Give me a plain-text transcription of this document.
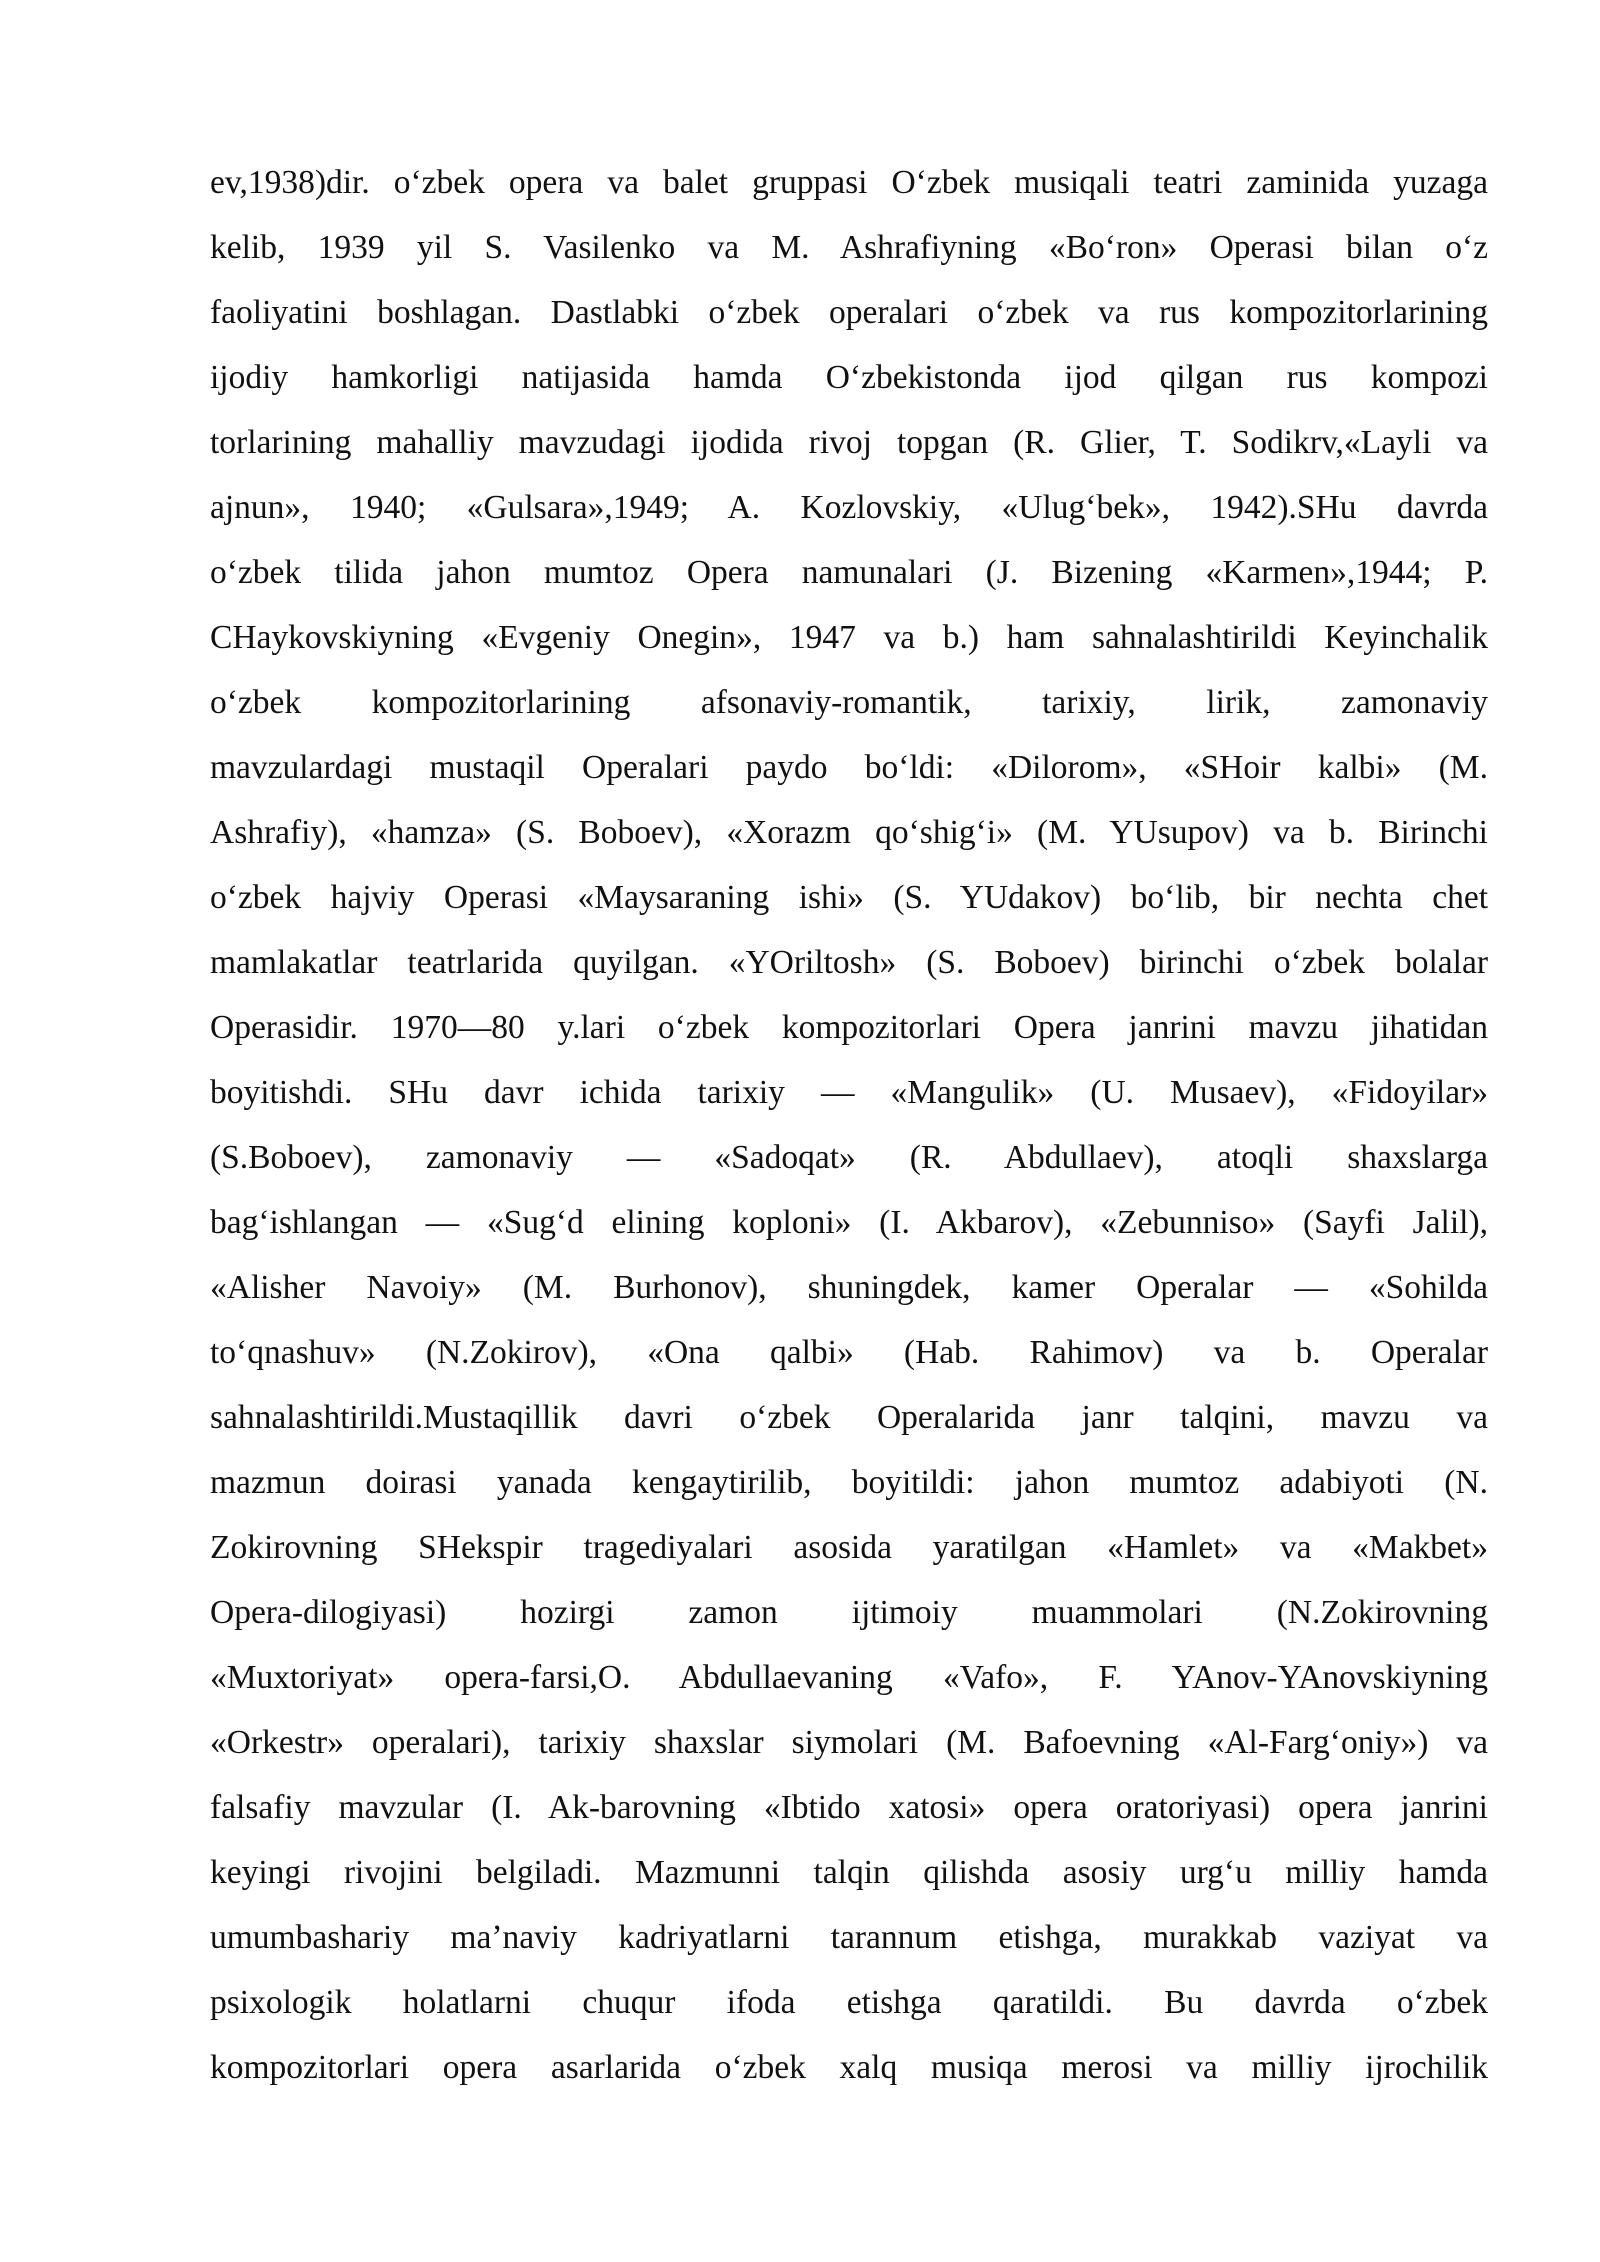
ev,1938)dir. oʻzbek opera va balet gruppasi Oʻzbek musiqali teatri zaminida yuzaga
kelib, 1939 yil S. Vasilenko va M. Ashrafiyning «Boʻron» Operasi bilan oʻz
faoliyatini boshlagan. Dastlabki oʻzbek operalari oʻzbek va rus kompozitorlarining
ijodiy hamkorligi natijasida hamda Oʻzbekistonda ijod qilgan rus kompozi
torlarining mahalliy mavzudagi ijodida rivoj topgan (R. Glier, T. Sodikrv,«Layli va
ajnun», 1940; «Gulsara»,1949; A. Kozlovskiy, «Ulugʻbek», 1942).SHu davrda
oʻzbek tilida jahon mumtoz Opera namunalari (J. Bizening «Karmen»,1944; P.
CHaykovskiyning «Evgeniy Onegin», 1947 va b.) ham sahnalashtirildi Keyinchalik
oʻzbek kompozitorlarining afsonaviy-romantik, tarixiy, lirik, zamonaviy
mavzulardagi mustaqil Operalari paydo boʻldi: «Dilorom», «SHoir kalbi» (M.
Ashrafiy), «hamza» (S. Boboev), «Xorazm qoʻshigʻi» (M. YUsupov) va b. Birinchi
oʻzbek hajviy Operasi «Maysaraning ishi» (S. YUdakov) boʻlib, bir nechta chet
mamlakatlar teatrlarida quyilgan. «YOriltosh» (S. Boboev) birinchi oʻzbek bolalar
Operasidir. 1970—80 y.lari oʻzbek kompozitorlari Opera janrini mavzu jihatidan
boyitishdi. SHu davr ichida tarixiy — «Mangulik» (U. Musaev), «Fidoyilar»
(S.Boboev), zamonaviy — «Sadoqat» (R. Abdullaev), atoqli shaxslarga
bagʻishlangan — «Sugʻd elining koploni» (I. Akbarov), «Zebunniso» (Sayfi Jalil),
«Alisher Navoiy» (M. Burhonov), shuningdek, kamer Operalar — «Sohilda
toʻqnashuv» (N.Zokirov), «Ona qalbi» (Hab. Rahimov) va b. Operalar
sahnalashtirildi.Mustaqillik davri oʻzbek Operalarida janr talqini, mavzu va
mazmun doirasi yanada kengaytirilib, boyitildi: jahon mumtoz adabiyoti (N.
Zokirovning SHekspir tragediyalari asosida yaratilgan «Hamlet» va «Makbet»
Opera-dilogiyasi) hozirgi zamon ijtimoiy muammolari (N.Zokirovning
«Muxtoriyat» opera-farsi,O. Abdullaevaning «Vafo», F. YAnov-YAnovskiyning
«Orkestr» operalari), tarixiy shaxslar siymolari (M. Bafoevning «Al-Fargʻoniy») va
falsafiy mavzular (I. Ak-barovning «Ibtido xatosi» opera oratoriyasi) opera janrini
keyingi rivojini belgiladi. Mazmunni talqin qilishda asosiy urgʻu milliy hamda
umumbashariy maʼnaviy kadriyatlarni tarannum etishga, murakkab vaziyat va
psixologik holatlarni chuqur ifoda etishga qaratildi. Bu davrda oʻzbek
kompozitorlari opera asarlarida oʻzbek xalq musiqa merosi va milliy ijrochilik
